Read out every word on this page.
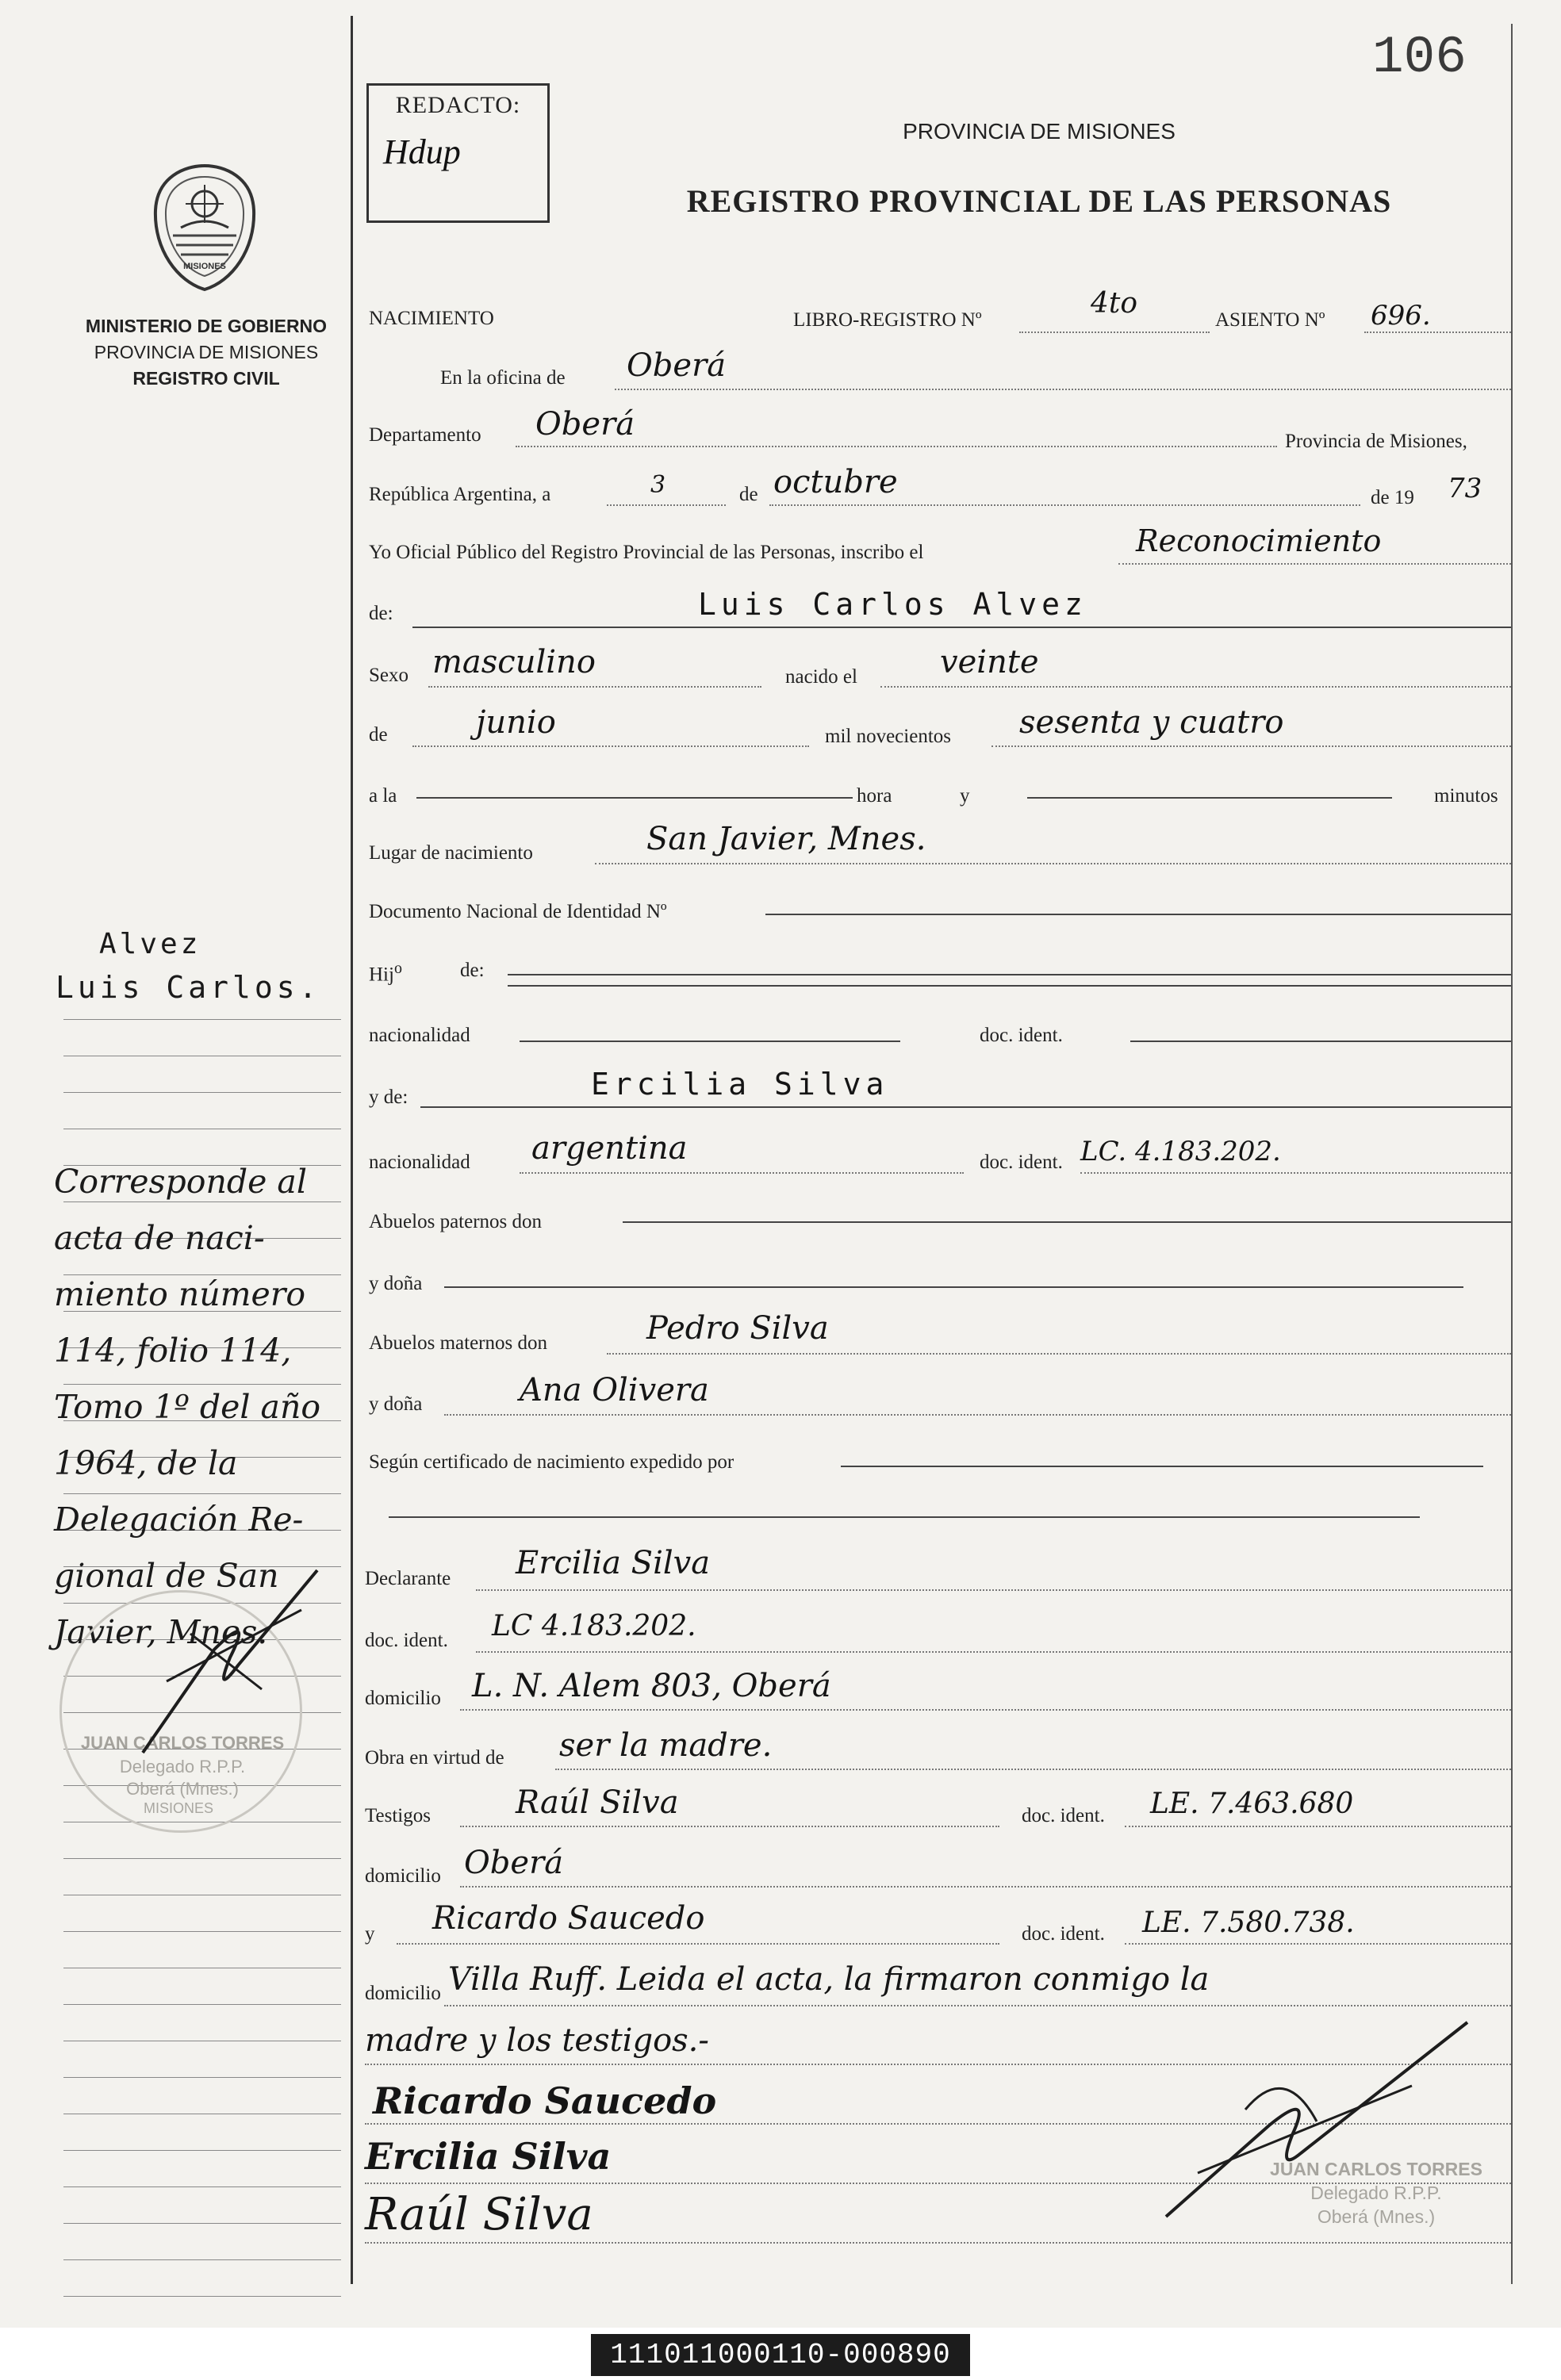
106
REDACTO:
Hdup
PROVINCIA DE MISIONES
REGISTRO PROVINCIAL DE LAS PERSONAS
MISIONES
MINISTERIO DE GOBIERNO
PROVINCIA DE MISIONES
REGISTRO CIVIL
Alvez
Luis Carlos.
Corresponde al acta de naci- miento número 114, folio 114, Tomo 1º del año 1964, de la Delegación Re- gional de San Javier, Mnes.
JUAN CARLOS TORRES
Delegado R.P.P.
Oberá (Mnes.)
MISIONES
NACIMIENTO	LIBRO-REGISTRO Nº
4to
ASIENTO Nº 696.
En la oficina de Oberá
Departamento Oberá	Provincia de Misiones,
República Argentina, a	3	de octubre	de 19 73
Yo Oficial Público del Registro Provincial de las Personas, inscribo el	Reconocimiento
de:	Luis Carlos Alvez
Sexo masculino	nacido el	veinte
de	junio	mil novecientos sesenta y cuatro
a la	hora	y	minutos
Lugar de nacimiento	San Javier, Mnes.
Documento Nacional de Identidad Nº
Hij$^o$	de:
nacionalidad	doc. ident.
y de:	Ercilia Silva
nacionalidad argentina	doc. ident. LC. 4.183.202.
Abuelos paternos don
y doña
Abuelos maternos don	Pedro Silva
y doña	Ana Olivera
Según certificado de nacimiento expedido por
Declarante Ercilia Silva
doc. ident. LC 4.183.202.
domicilio L. N. Alem 803, Oberá
Obra en virtud de ser la madre.
Testigos	Raúl Silva	doc. ident. LE. 7.463.680
domicilio Oberá
y Ricardo Saucedo	doc. ident. LE. 7.580.738.
domicilio Villa Ruff. Leida el acta, la firmaron conmigo la
madre y los testigos.-
Ricardo Saucedo
Ercilia Silva
Raúl Silva
JUAN CARLOS TORRES
Delegado R.P.P.
Oberá (Mnes.)
111011000110-000890
